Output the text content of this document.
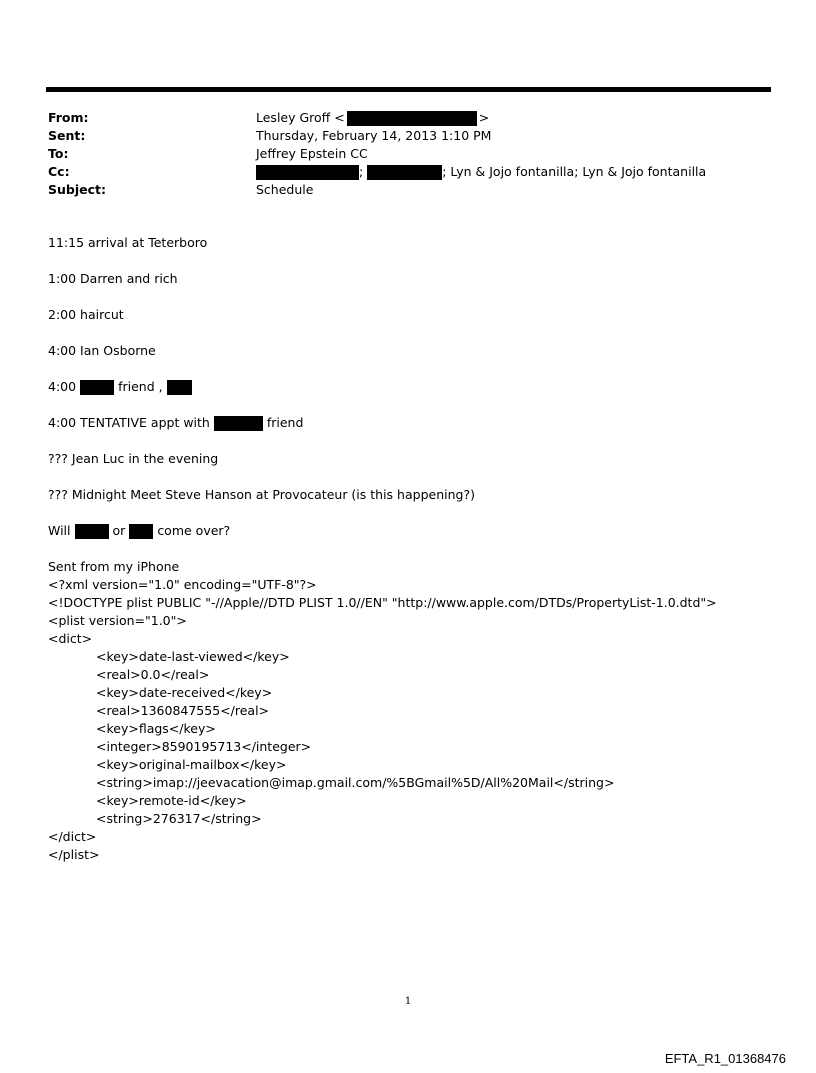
From:	Lesley Groff <	>
Sent:	Thursday, February 14, 2013 1:10 PM
To:	Jeffrey Epstein CC
Cc:	;	; Lyn & Jojo fontanilla; Lyn & Jojo fontanilla
Subject:	Schedule
11:15 arrival at Teterboro
1:00 Darren and rich
2:00 haircut
4:00 Ian Osborne
4:00	friend ,
4:00 TENTATIVE appt with	friend
??? Jean Luc in the evening
??? Midnight Meet Steve Hanson at Provocateur (is this happening?)
Will	or	come over?
Sent from my iPhone
<?xml version="1.0" encoding="UTF-8"?>
<!DOCTYPE plist PUBLIC "-//Apple//DTD PLIST 1.0//EN" "http://www.apple.com/DTDs/PropertyList-1.0.dtd">
<plist version="1.0">
<dict>
<key>date-last-viewed</key>
<real>0.0</real>
<key>date-received</key>
<real>1360847555</real>
<key>flags</key>
<integer>8590195713</integer>
<key>original-mailbox</key>
<string>imap://jeevacation@imap.gmail.com/%5BGmail%5D/All%20Mail</string>
<key>remote-id</key>
<string>276317</string>
</dict>
</plist>
1
EFTA_R1_01368476
